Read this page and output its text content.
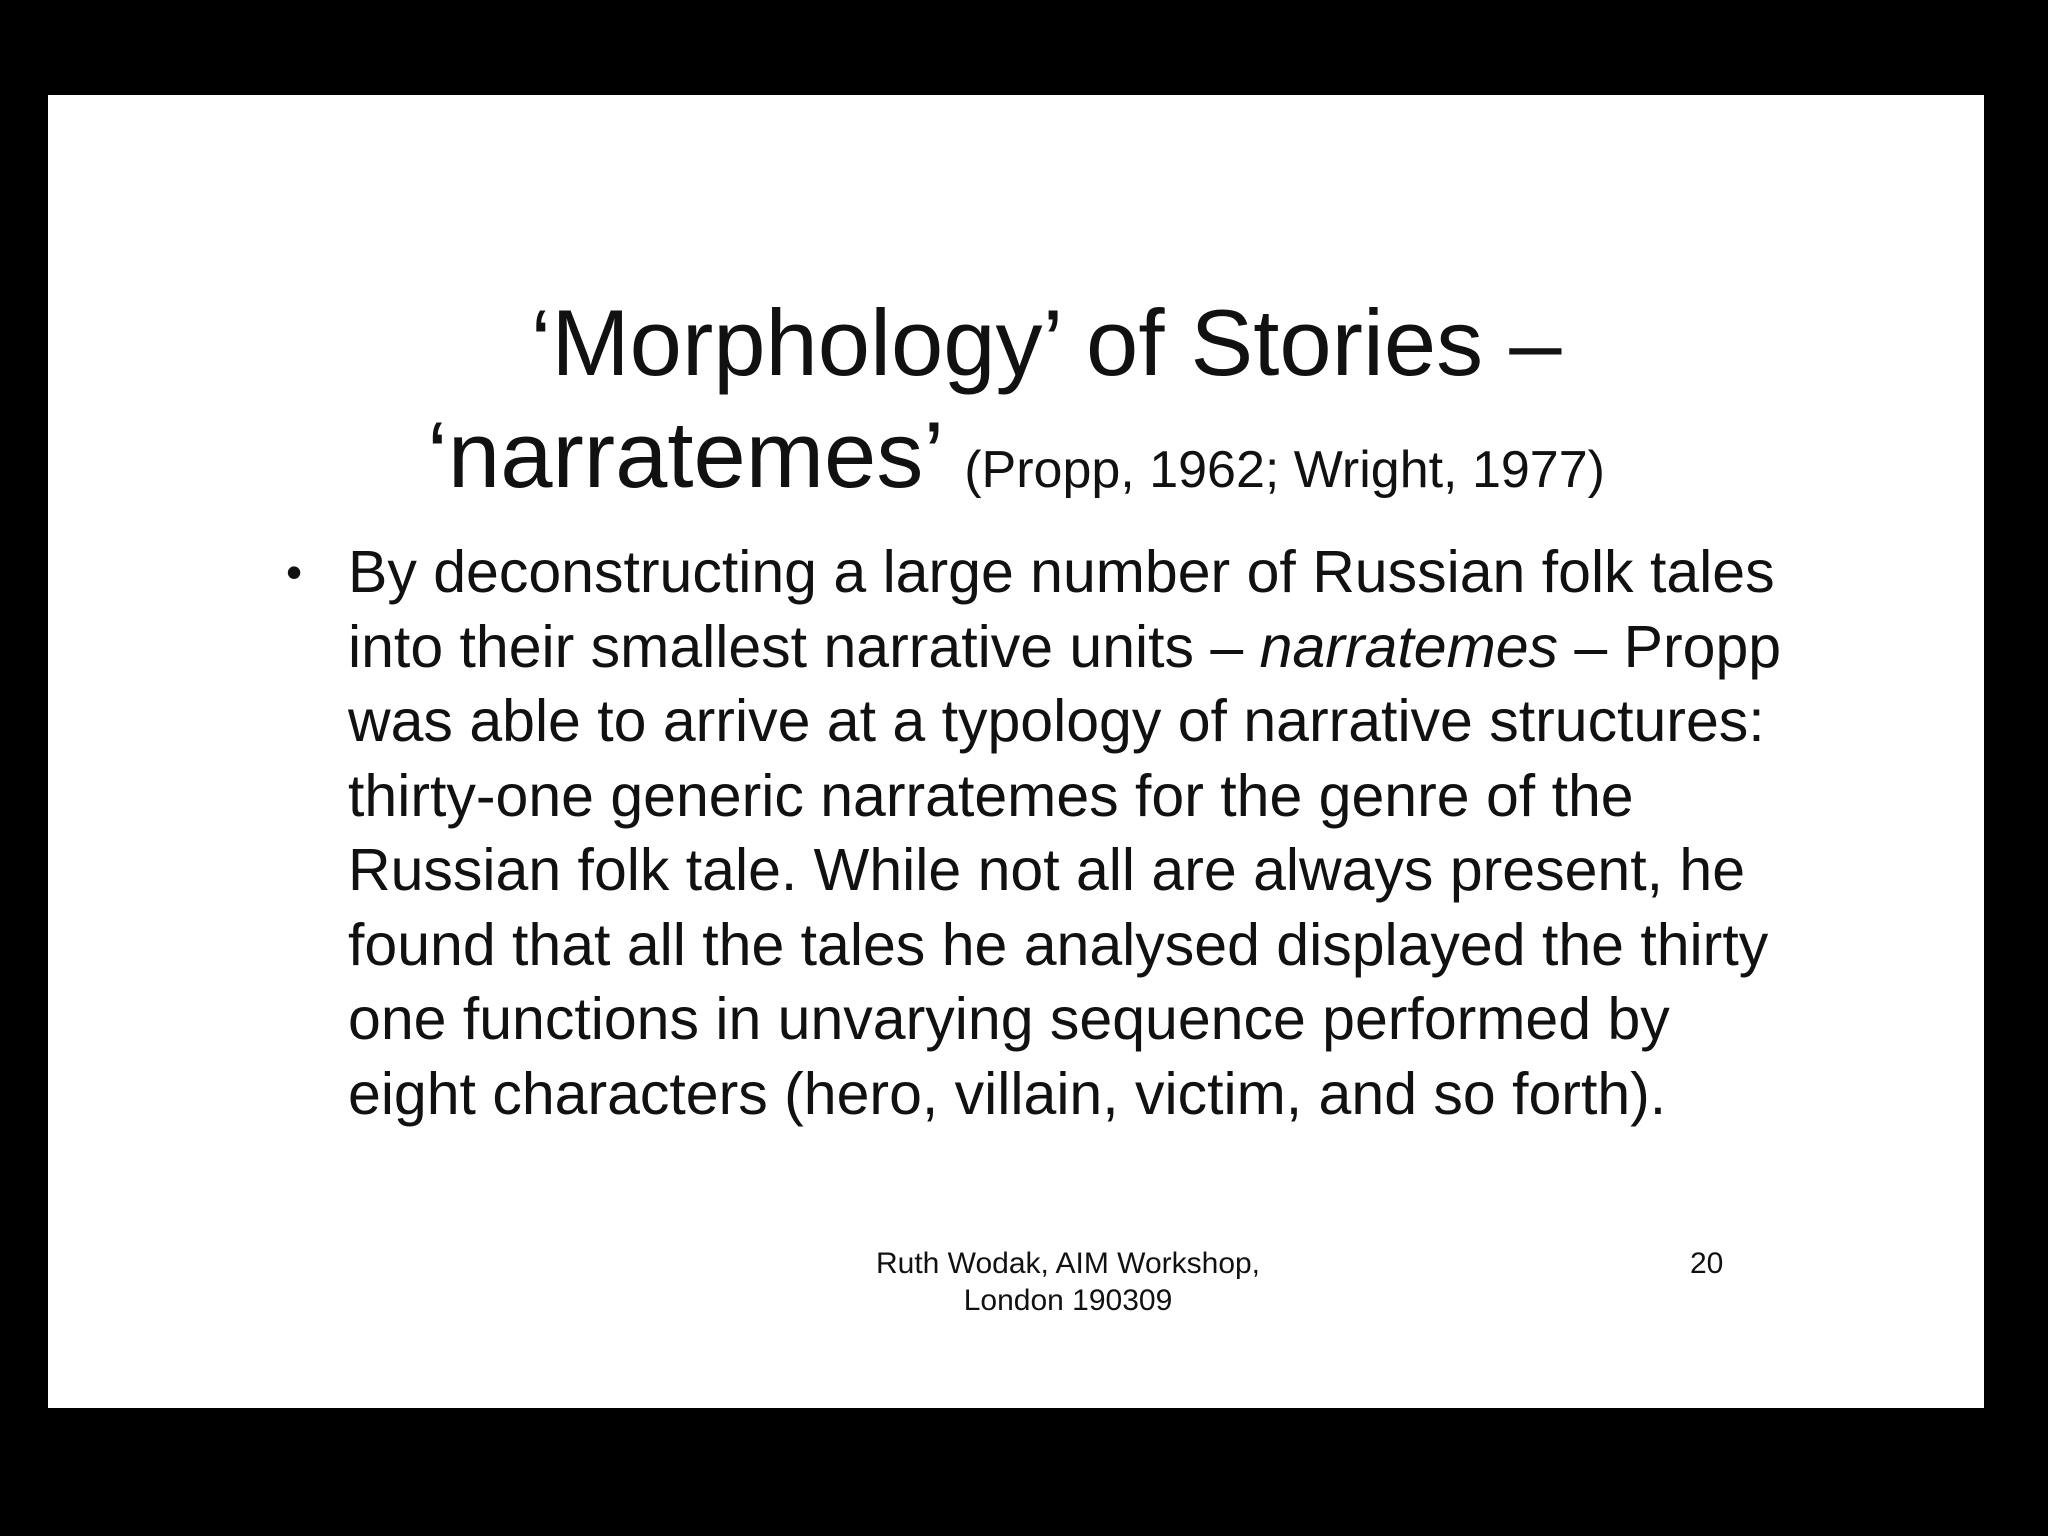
‘Morphology’ of Stories –
‘narratemes’ (Propp, 1962; Wright, 1977)
• By deconstructing a large number of Russian folk tales into their smallest narrative units – narratemes – Propp was able to arrive at a typology of narrative structures: thirty-one generic narratemes for the genre of the Russian folk tale. While not all are always present, he found that all the tales he analysed displayed the thirty one functions in unvarying sequence performed by eight characters (hero, villain, victim, and so forth).
Ruth Wodak, AIM Workshop,
London 190309
20
